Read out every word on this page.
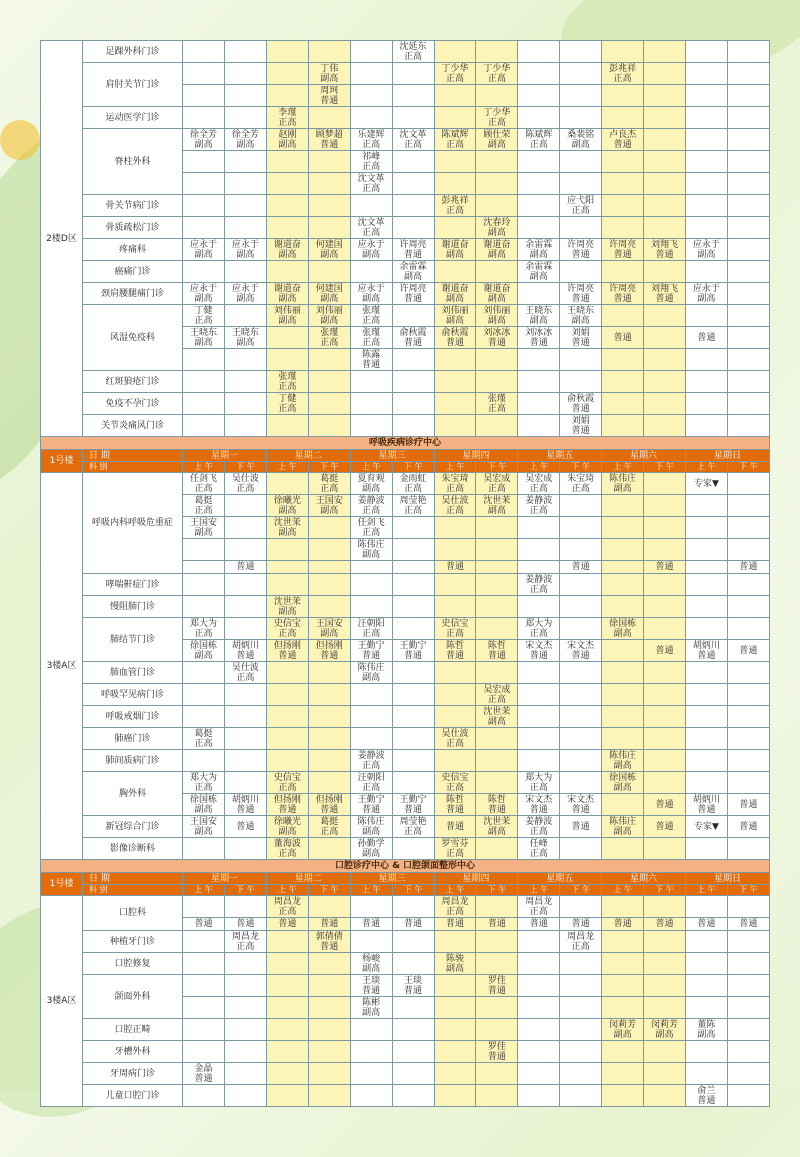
2楼D区	足踝外科门诊						沈延东
正高								

	肩肘关节门诊				丁伟
副高			丁少华
正高	丁少华
正高			彭兆祥
正高			

					周珂
普通										

	运动医学门诊			李瑾
正高					丁少华
正高						

	脊柱外科	徐全芳
副高	徐全芳
副高	赵刚
副高	顾梦超
普通	乐建辉
正高	沈文革
正高	陈斌辉
正高	顾仕荣
副高	陈斌辉
正高	桑裴铭
副高	卢良杰
普通			

						祁峰
正高									

						沈文革
正高									

	骨关节病门诊							彭兆祥
正高			应弋阳
正高				

	骨质疏松门诊					沈文革
正高			沈春玲
副高						

	疼痛科	应永于
副高	应永于
副高	谢道奋
副高	何建国
副高	应永于
副高	许周亮
普通	谢道奋
副高	谢道奋
副高	余雷霖
副高	许周亮
普通	许周亮
普通	刘翔飞
普通	应永于
副高	

	癌痛门诊						余雷霖
副高			余雷霖
副高					

	颈肩腰腿痛门诊	应永于
副高	应永于
副高	谢道奋
副高	何建国
副高	应永于
副高	许周亮
普通	谢道奋
副高	谢道奋
副高		许周亮
普通	许周亮
普通	刘翔飞
普通	应永于
副高	

	风湿免疫科	丁健
正高		刘伟丽
副高	刘伟丽
副高	张瑾
正高		刘伟丽
副高	刘伟丽
副高	王晓东
副高	王晓东
副高				

		王晓东
副高	王晓东
副高		张瑾
正高	张瑾
正高	俞秋霞
普通	俞秋霞
普通	刘冰冰
普通	刘冰冰
普通	刘娟
普通	普通		普通	

						陈露
普通									

	红斑狼疮门诊			张瑾
正高											

	免疫不孕门诊			丁健
正高					张瑾
正高		俞秋霞
普通				

	关节炎痛风门诊										刘娟
普通				

呼吸疾病诊疗中心															
1号楼	日 期	星期一		星期二		星期三		星期四		星期五		星期六		星期日	
	科 别	上 午	下 午	上 午	下 午	上 午	下 午	上 午	下 午	上 午	下 午	上 午	下 午	上 午	下 午
3楼A区	呼吸内科呼吸危重症	任剑飞
正高	吴仕波
正高		葛挺
正高	夏育观
副高	金雨虹
正高	朱宝琦
正高	吴宏成
正高	吴宏成
正高	朱宝琦
正高	陈伟庄
副高		专家▼	

		葛挺
正高		徐曦光
副高	王国安
副高	姜静波
正高	周莹艳
正高	吴仕波
正高	沈世茉
副高	姜静波
正高					

		王国安
副高		沈世茉
副高		任剑飞
正高									

						陈伟庄
副高									

			普通					普通			普通		普通		普通

	哮喘鼾症门诊									姜静波
正高					

	慢阻肺门诊			沈世茉
副高											

	肺结节门诊	郑大为
正高		史信宝
正高	王国安
副高	汪朝阳
正高		史信宝
正高		郑大为
正高		徐国栋
副高			

		徐国栋
副高	胡炳川
普通	但扬刚
普通	但扬刚
普通	王勤宁
普通	王勤宁
普通	陈哲
普通	陈哲
普通	宋文杰
普通	宋文杰
普通		普通	胡炳川
普通	普通

	肺血管门诊		吴仕波
正高			陈伟庄
副高									

	呼吸罕见病门诊								吴宏成
正高						

	呼吸戒烟门诊								沈世茉
副高						

	肺癌门诊	葛挺
正高						吴仕波
正高							

	肺间质病门诊					姜静波
正高						陈伟庄
副高			

	胸外科	郑大为
正高		史信宝
正高		汪朝阳
正高		史信宝
正高		郑大为
正高		徐国栋
副高			

		徐国栋
副高	胡炳川
普通	但扬刚
普通	但扬刚
普通	王勤宁
普通	王勤宁
普通	陈哲
普通	陈哲
普通	宋文杰
普通	宋文杰
普通		普通	胡炳川
普通	普通

	新冠综合门诊	王国安
副高	普通	徐曦光
副高	葛挺
正高	陈伟庄
副高	周莹艳
正高	普通	沈世茉
副高	姜静波
正高	普通	陈伟庄
副高	普通	专家▼	普通

	影像诊断科			董海波
正高		孙勤学
副高		罗雪芬
正高		任峰
正高					

口腔诊疗中心 & 口腔颌面整形中心															
1号楼	日 期	星期一		星期二		星期三		星期四		星期五		星期六		星期日	
	科 别	上 午	下 午	上 午	下 午	上 午	下 午	上 午	下 午	上 午	下 午	上 午	下 午	上 午	下 午
3楼A区	口腔科			周昌龙
正高				周昌龙
正高		周昌龙
正高					

		普通	普通	普通	普通	普通	普通	普通	普通	普通	普通	普通	普通	普通	普通

	种植牙门诊		周昌龙
正高		郭倩倩
普通						周昌龙
正高				

	口腔修复					杨峻
副高		陈骏
副高							

	颌面外科					王琰
普通	王琰
普通		罗佳
普通						

						陈彬
副高									

	口腔正畸											闵莉芳
副高	闵莉芳
副高	董陈
副高	

	牙槽外科								罗佳
普通						

	牙周病门诊	金晶
普通													

	儿童口腔门诊													俞兰
普通	
